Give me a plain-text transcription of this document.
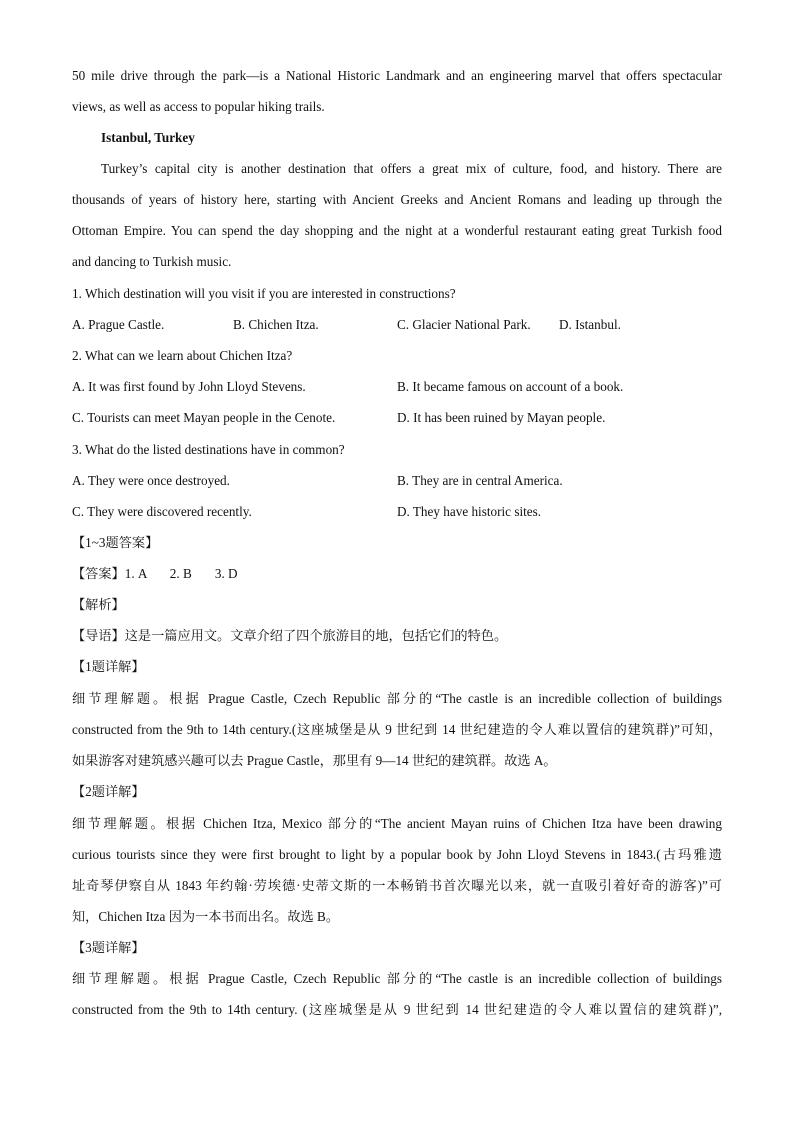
50 mile drive through the park—is a National Historic Landmark and an engineering marvel that offers spectacular
views, as well as access to popular hiking trails.
Istanbul, Turkey
Turkey’s capital city is another destination that offers a great mix of culture, food, and history. There are
thousands of years of history here, starting with Ancient Greeks and Ancient Romans and leading up through the
Ottoman Empire. You can spend the day shopping and the night at a wonderful restaurant eating great Turkish food
and dancing to Turkish music.
1. Which destination will you visit if you are interested in constructions?
A. Prague Castle.	B. Chichen Itza.	C. Glacier National Park. D. Istanbul.
2. What can we learn about Chichen Itza?
A. It was first found by John Lloyd Stevens.	B. It became famous on account of a book.
C. Tourists can meet Mayan people in the Cenote.	D. It has been ruined by Mayan people.
3. What do the listed destinations have in common?
A. They were once destroyed.	B. They are in central America.
C. They were discovered recently.	D. They have historic sites.
【1~3题答案】
【答案】1. A       2. B       3. D
【解析】
【导语】这是一篇应用文。文章介绍了四个旅游目的地，包括它们的特色。
【1题详解】
细节理解题。根据 Prague Castle, Czech Republic 部分的“The castle is an incredible collection of buildings
constructed from the 9th to 14th century.(这座城堡是从 9 世纪到 14 世纪建造的令人难以置信的建筑群)”可知，
如果游客对建筑感兴趣可以去 Prague Castle，那里有 9—14 世纪的建筑群。故选 A。
【2题详解】
细节理解题。根据 Chichen Itza, Mexico 部分的“The ancient Mayan ruins of Chichen Itza have been drawing
curious tourists since they were first brought to light by a popular book by John Lloyd Stevens in 1843.(古玛雅遗
址奇琴伊察自从 1843 年约翰·劳埃德·史蒂文斯的一本畅销书首次曝光以来，就一直吸引着好奇的游客)”可
知，Chichen Itza 因为一本书而出名。故选 B。
【3题详解】
细节理解题。根据 Prague Castle, Czech Republic 部分的“The castle is an incredible collection of buildings
constructed from the 9th to 14th century. (这座城堡是从 9 世纪到 14 世纪建造的令人难以置信的建筑群)”,
